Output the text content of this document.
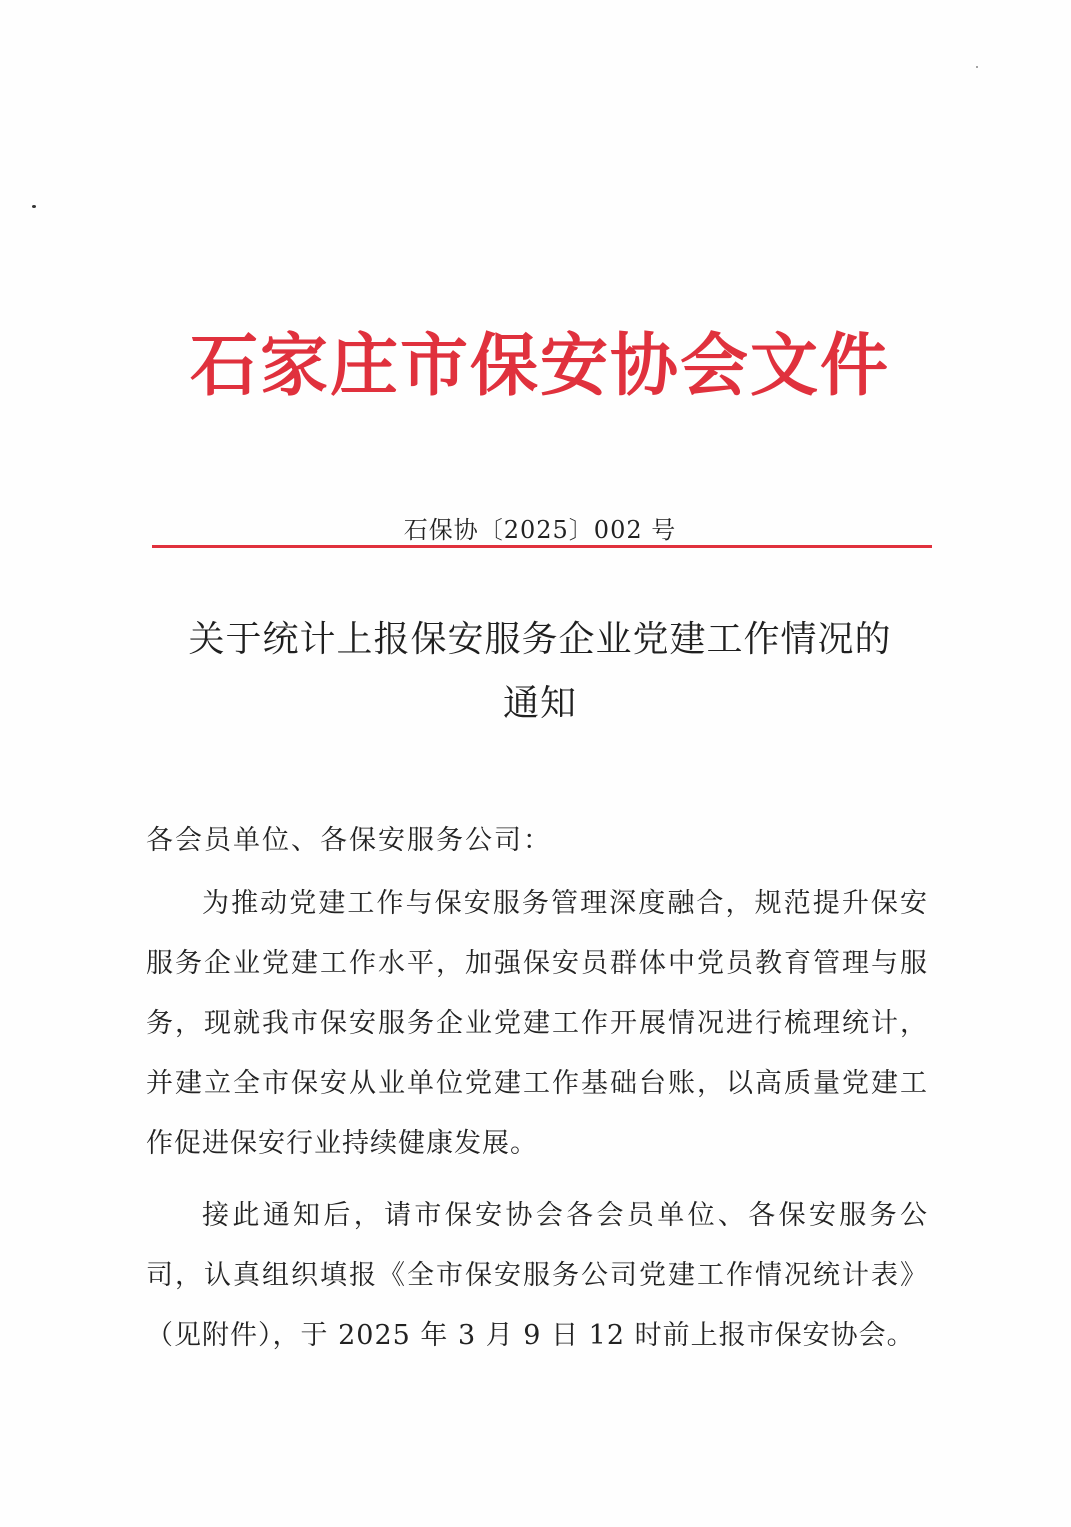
石家庄市保安协会文件
石保协〔2025〕002 号
关于统计上报保安服务企业党建工作情况的
通知
各会员单位、各保安服务公司：

为推动党建工作与保安服务管理深度融合，规范提升保安服务企业党建工作水平，加强保安员群体中党员教育管理与服务，现就我市保安服务企业党建工作开展情况进行梳理统计，并建立全市保安从业单位党建工作基础台账，以高质量党建工作促进保安行业持续健康发展。

接此通知后，请市保安协会各会员单位、各保安服务公司，认真组织填报《全市保安服务公司党建工作情况统计表》（见附件），于 2025 年 3 月 9 日 12 时前上报市保安协会。
